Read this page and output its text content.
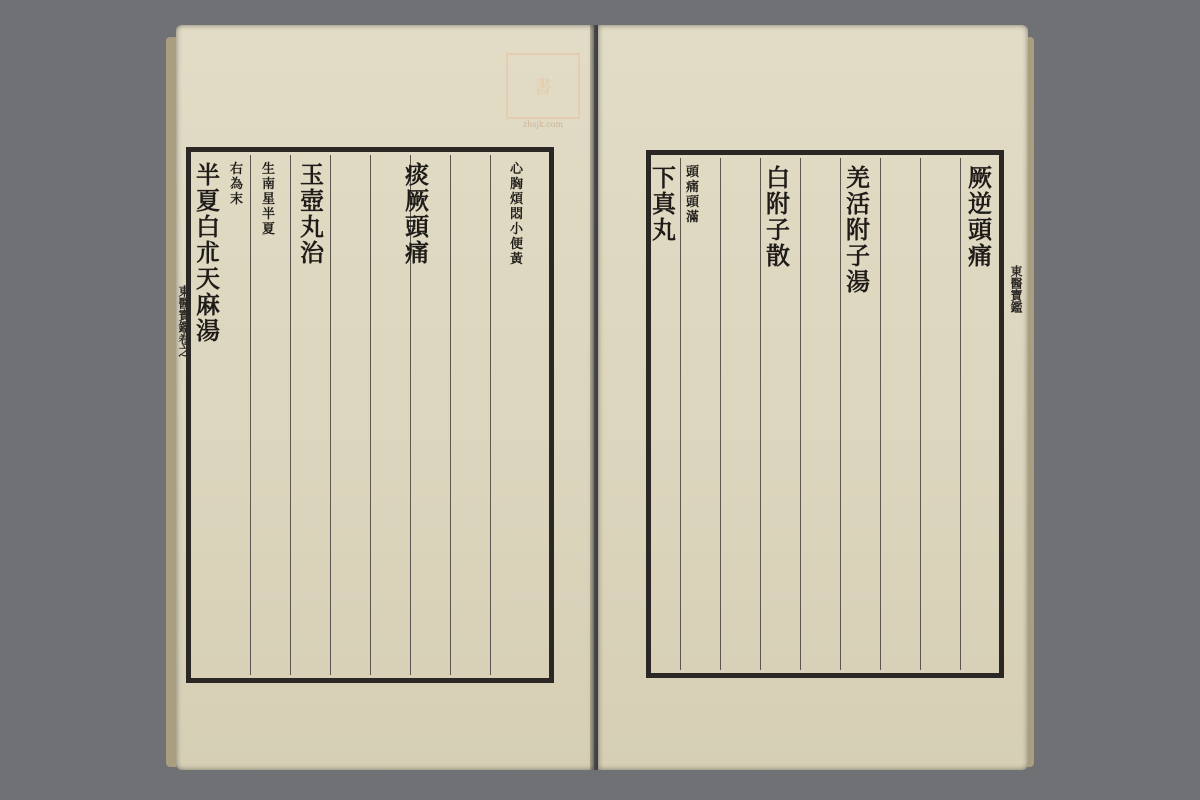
書
zhsjk.com
痰
厥
頭
痛
心
胸
煩
悶
小
便
黃
玉
壺
丸
治
生
南
星
半
夏
右
為
末
半
夏
白
朮
天
麻
湯
東醫寶鑑卷之
厥
逆
頭
痛
羌
活
附
子
湯
白
附
子
散
下
真
丸
頭
痛
頭
滿
東醫寶鑑
